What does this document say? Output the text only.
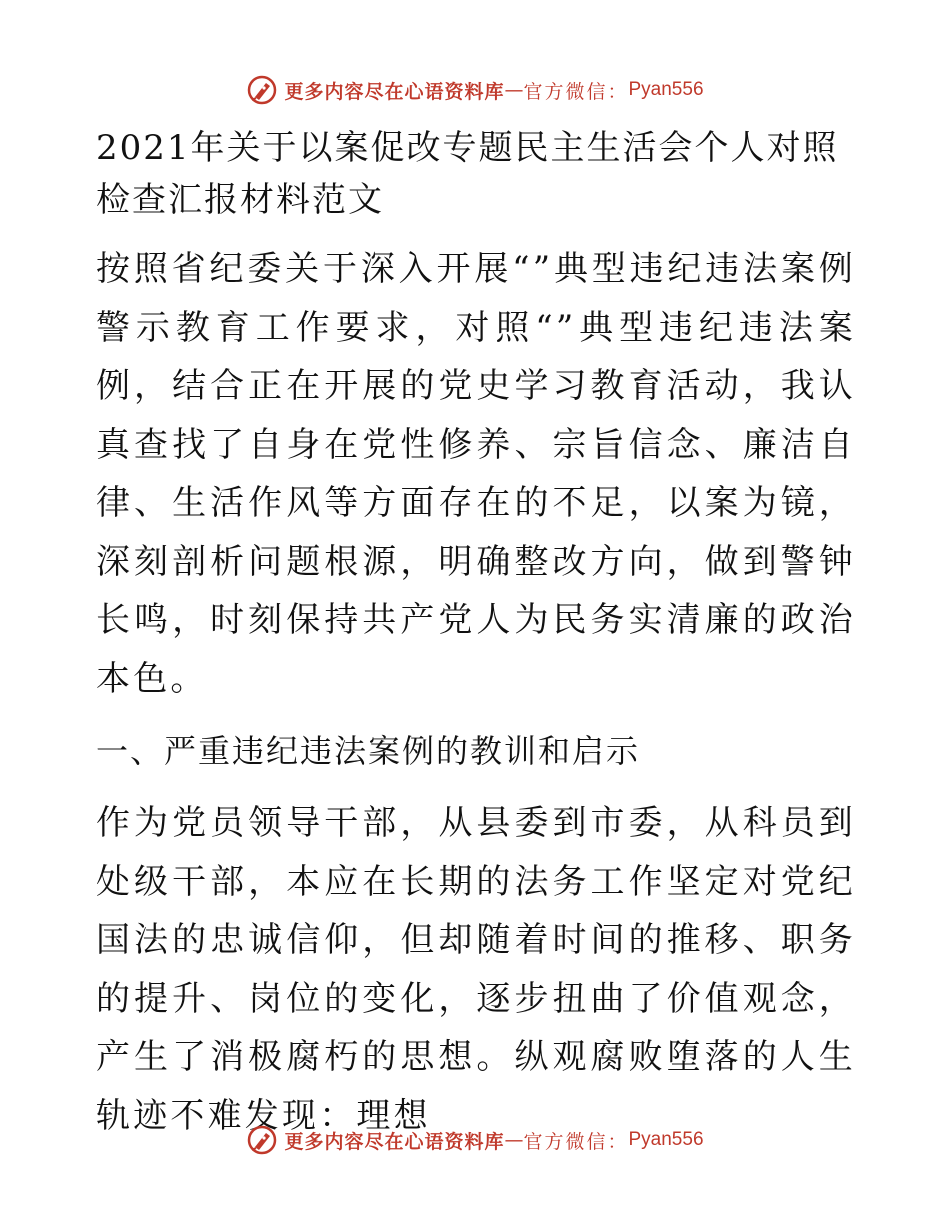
更多内容尽在心语资料库 — 官方微信： Pyan556
2021年关于以案促改专题民主生活会个人对照检查汇报材料范文

按照省纪委关于深入开展“”典型违纪违法案例警示教育工作要求，对照“”典型违纪违法案例，结合正在开展的党史学习教育活动，我认真查找了自身在党性修养、宗旨信念、廉洁自律、生活作风等方面存在的不足，以案为镜，深刻剖析问题根源，明确整改方向，做到警钟长鸣，时刻保持共产党人为民务实清廉的政治本色。

一、严重违纪违法案例的教训和启示

作为党员领导干部，从县委到市委，从科员到处级干部，本应在长期的法务工作坚定对党纪国法的忠诚信仰，但却随着时间的推移、职务的提升、岗位的变化，逐步扭曲了价值观念，产生了消极腐朽的思想。纵观腐败堕落的人生轨迹不难发现：理想

更多内容尽在心语资料库 — 官方微信： Pyan556
